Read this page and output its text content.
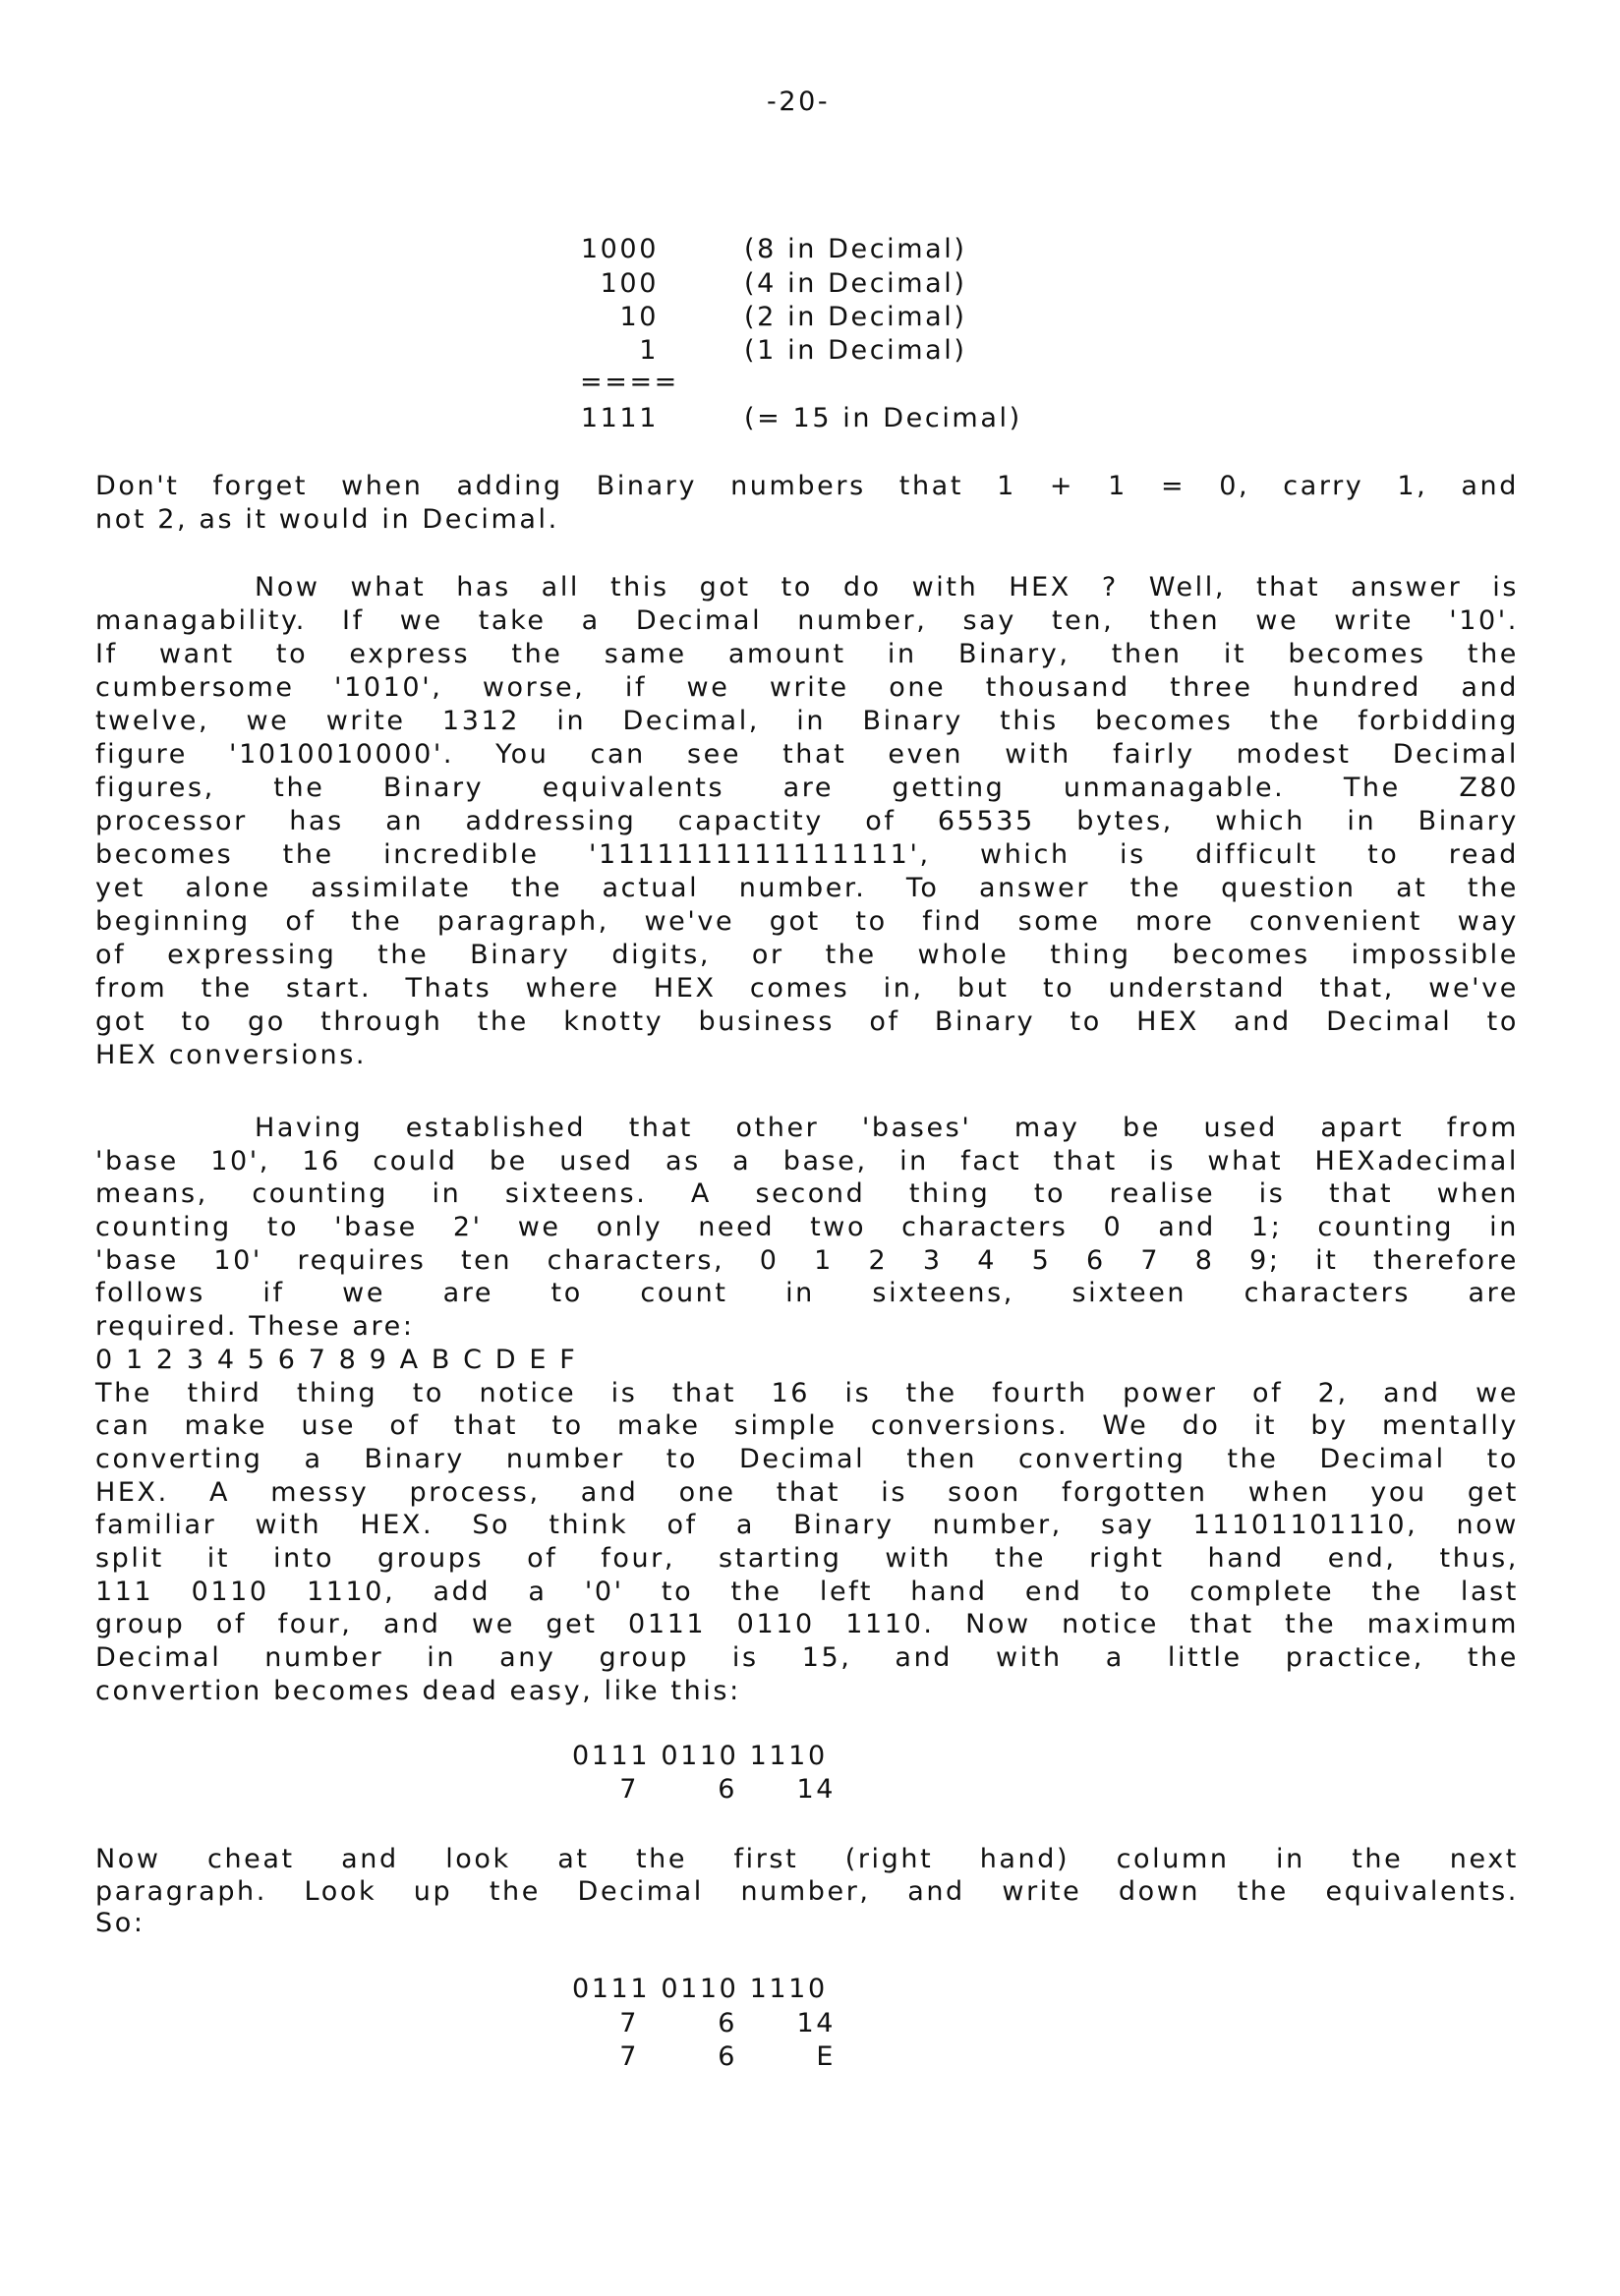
-20-
1000	(8 in Decimal)
100	(4 in Decimal)
10	(2 in Decimal)
1	(1 in Decimal)
====
1111	(= 15 in Decimal)
Don't forget when adding Binary numbers that 1 + 1 = 0, carry 1, and
not 2, as it would in Decimal.
Now what has all this got to do with HEX ? Well, that answer is
managability. If we take a Decimal number, say ten, then we write '10'.
If want to express the same amount in Binary, then it becomes the
cumbersome '1010', worse, if we write one thousand three hundred and
twelve, we write 1312 in Decimal, in Binary this becomes the forbidding
figure '1010010000'. You can see that even with fairly modest Decimal
figures, the Binary equivalents are getting unmanagable. The Z80
processor has an addressing capactity of 65535 bytes, which in Binary
becomes the incredible '1111111111111111', which is difficult to read
yet alone assimilate the actual number. To answer the question at the
beginning of the paragraph, we've got to find some more convenient way
of expressing the Binary digits, or the whole thing becomes impossible
from the start. Thats where HEX comes in, but to understand that, we've
got to go through the knotty business of Binary to HEX and Decimal to
HEX conversions.
Having established that other 'bases' may be used apart from
'base 10', 16 could be used as a base, in fact that is what HEXadecimal
means, counting in sixteens. A second thing to realise is that when
counting to 'base 2' we only need two characters 0 and 1; counting in
'base 10' requires ten characters, 0 1 2 3 4 5 6 7 8 9; it therefore
follows if we are to count in sixteens, sixteen characters are
required. These are:
0 1 2 3 4 5 6 7 8 9 A B C D E F
The third thing to notice is that 16 is the fourth power of 2, and we
can make use of that to make simple conversions. We do it by mentally
converting a Binary number to Decimal then converting the Decimal to
HEX. A messy process, and one that is soon forgotten when you get
familiar with HEX. So think of a Binary number, say 11101101110, now
split it into groups of four, starting with the right hand end, thus,
111 0110 1110, add a '0' to the left hand end to complete the last
group of four, and we get 0111 0110 1110. Now notice that the maximum
Decimal number in any group is 15, and with a little practice, the
convertion becomes dead easy, like this:
Now cheat and look at the first (right hand) column in the next
paragraph. Look up the Decimal number, and write down the equivalents.
So:
0111 0110 1110
7	6	14
0111 0110 1110
7	6	14
7	6	E
